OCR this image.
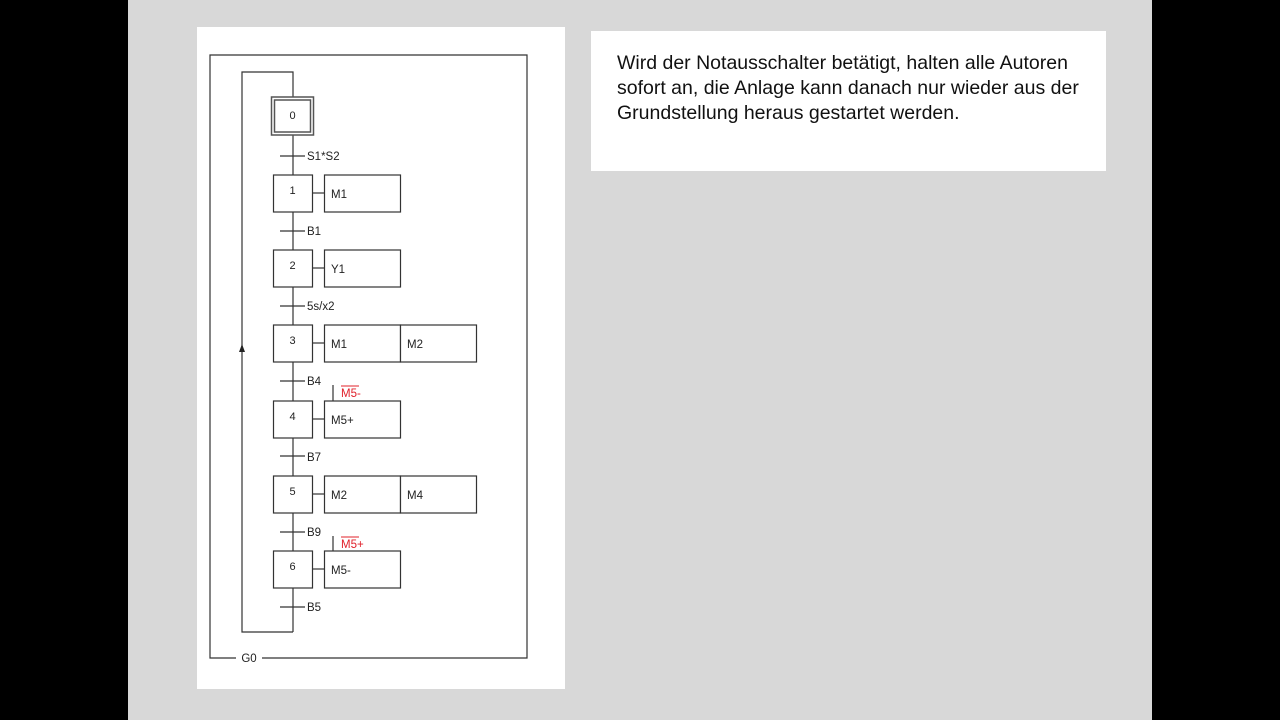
0
1
2
3
4
5
6
M1
Y1
M1	M2
M5+
M2	M4
M5-
S1*S2
B1
5s/x2
B4
B7
B9
B5
M5-
M5+
G0

Wird der Notausschalter betätigt, halten alle Autoren sofort an, die Anlage kann danach nur wieder aus der Grundstellung heraus gestartet werden.
